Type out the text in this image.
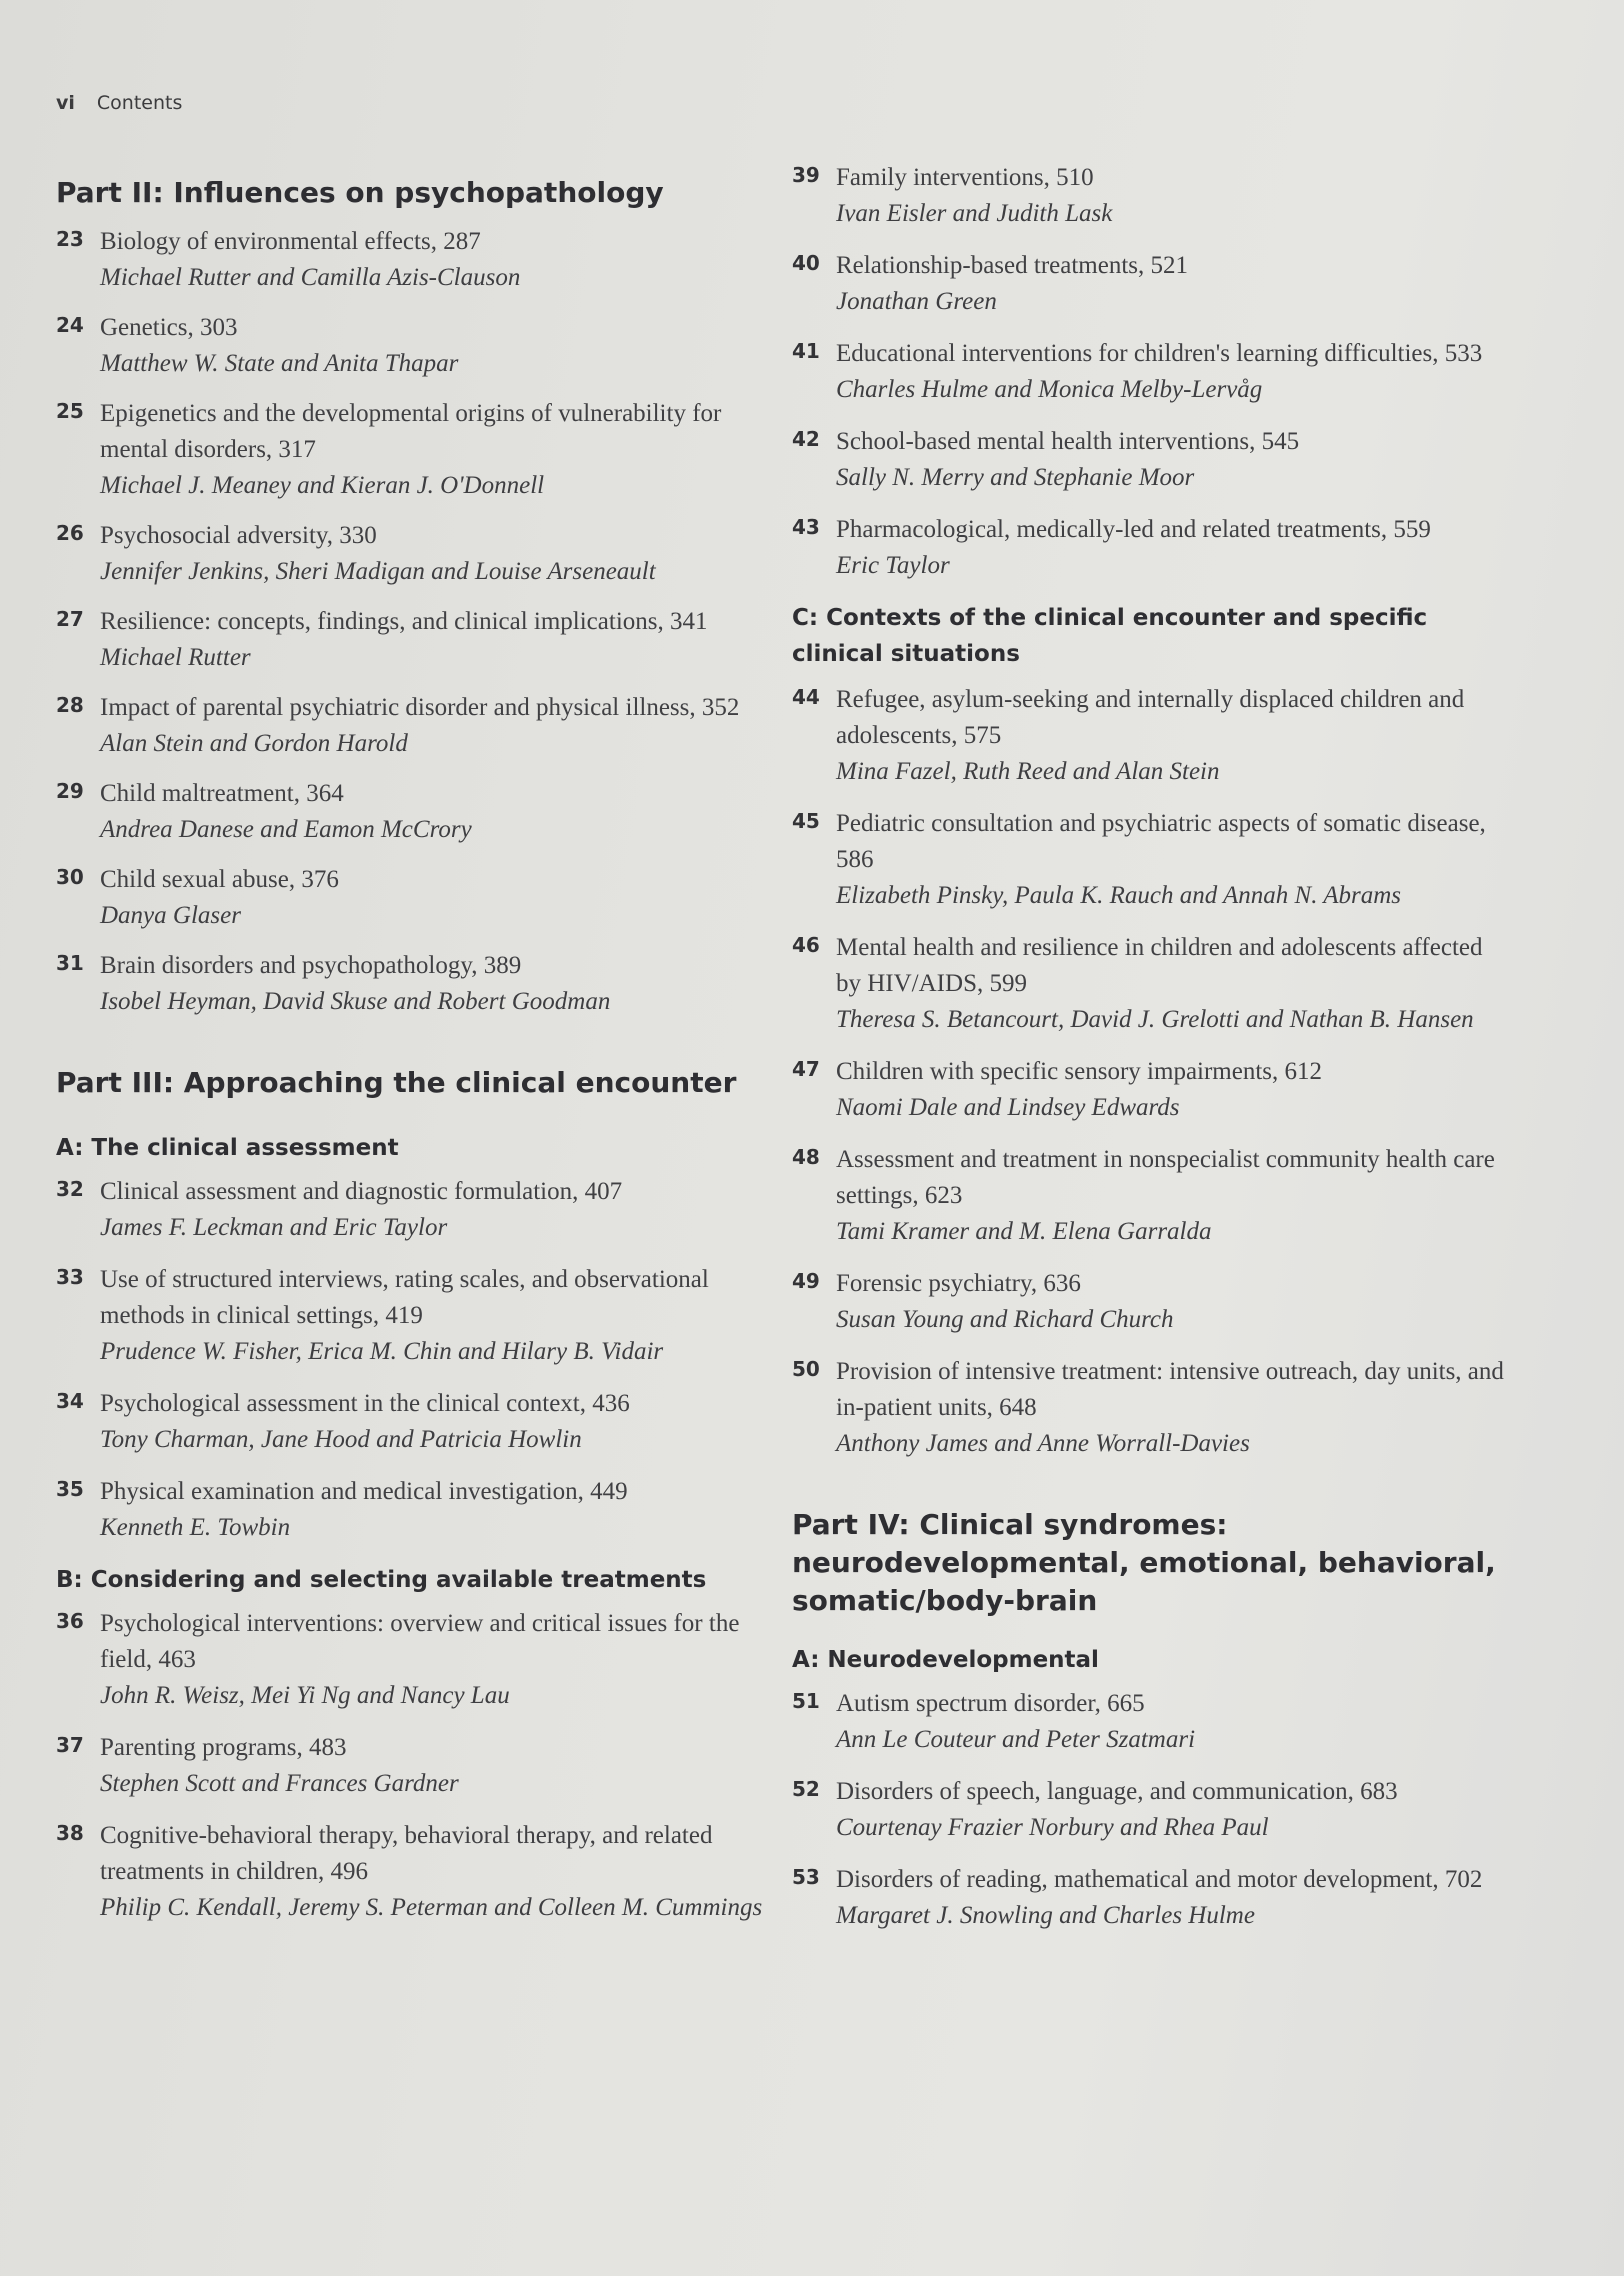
vi Contents
Part II: Influences on psychopathology
23 Biology of environmental effects, 287
Michael Rutter and Camilla Azis-Clauson
24 Genetics, 303
Matthew W. State and Anita Thapar
25 Epigenetics and the developmental origins of vulnerability for mental disorders, 317
Michael J. Meaney and Kieran J. O'Donnell
26 Psychosocial adversity, 330
Jennifer Jenkins, Sheri Madigan and Louise Arseneault
27 Resilience: concepts, findings, and clinical implications, 341
Michael Rutter
28 Impact of parental psychiatric disorder and physical illness, 352
Alan Stein and Gordon Harold
29 Child maltreatment, 364
Andrea Danese and Eamon McCrory
30 Child sexual abuse, 376
Danya Glaser
31 Brain disorders and psychopathology, 389
Isobel Heyman, David Skuse and Robert Goodman
Part III: Approaching the clinical encounter
A: The clinical assessment
32 Clinical assessment and diagnostic formulation, 407
James F. Leckman and Eric Taylor
33 Use of structured interviews, rating scales, and observational methods in clinical settings, 419
Prudence W. Fisher, Erica M. Chin and Hilary B. Vidair
34 Psychological assessment in the clinical context, 436
Tony Charman, Jane Hood and Patricia Howlin
35 Physical examination and medical investigation, 449
Kenneth E. Towbin
B: Considering and selecting available treatments
36 Psychological interventions: overview and critical issues for the field, 463
John R. Weisz, Mei Yi Ng and Nancy Lau
37 Parenting programs, 483
Stephen Scott and Frances Gardner
38 Cognitive-behavioral therapy, behavioral therapy, and related treatments in children, 496
Philip C. Kendall, Jeremy S. Peterman and Colleen M. Cummings
39 Family interventions, 510
Ivan Eisler and Judith Lask
40 Relationship-based treatments, 521
Jonathan Green
41 Educational interventions for children's learning difficulties, 533
Charles Hulme and Monica Melby-Lervåg
42 School-based mental health interventions, 545
Sally N. Merry and Stephanie Moor
43 Pharmacological, medically-led and related treatments, 559
Eric Taylor
C: Contexts of the clinical encounter and specific clinical situations
44 Refugee, asylum-seeking and internally displaced children and adolescents, 575
Mina Fazel, Ruth Reed and Alan Stein
45 Pediatric consultation and psychiatric aspects of somatic disease, 586
Elizabeth Pinsky, Paula K. Rauch and Annah N. Abrams
46 Mental health and resilience in children and adolescents affected by HIV/AIDS, 599
Theresa S. Betancourt, David J. Grelotti and Nathan B. Hansen
47 Children with specific sensory impairments, 612
Naomi Dale and Lindsey Edwards
48 Assessment and treatment in nonspecialist community health care settings, 623
Tami Kramer and M. Elena Garralda
49 Forensic psychiatry, 636
Susan Young and Richard Church
50 Provision of intensive treatment: intensive outreach, day units, and in-patient units, 648
Anthony James and Anne Worrall-Davies
Part IV: Clinical syndromes: neurodevelopmental, emotional, behavioral, somatic/body-brain
A: Neurodevelopmental
51 Autism spectrum disorder, 665
Ann Le Couteur and Peter Szatmari
52 Disorders of speech, language, and communication, 683
Courtenay Frazier Norbury and Rhea Paul
53 Disorders of reading, mathematical and motor development, 702
Margaret J. Snowling and Charles Hulme
